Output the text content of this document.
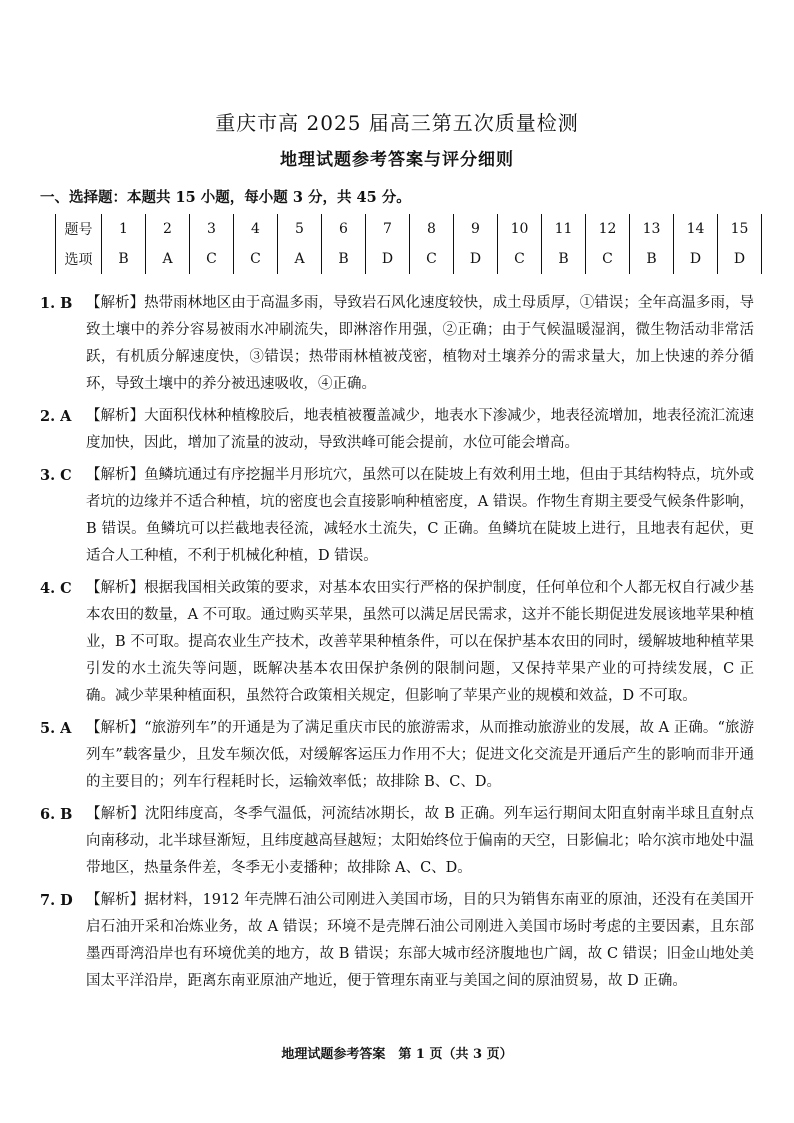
重庆市高 2025 届高三第五次质量检测
地理试题参考答案与评分细则
一、选择题：本题共 15 小题，每小题 3 分，共 45 分。
题号	1	2	3	4	5	6	7	8	9	10	11	12	13	14	15
选项	B	A	C	C	A	B	D	C	D	C	B	C	B	D	D
1. B 【解析】热带雨林地区由于高温多雨，导致岩石风化速度较快，成土母质厚，①错误；全年高温多雨，导致土壤中的养分容易被雨水冲刷流失，即淋溶作用强，②正确；由于气候温暖湿润，微生物活动非常活跃，有机质分解速度快，③错误；热带雨林植被茂密，植物对土壤养分的需求量大，加上快速的养分循环，导致土壤中的养分被迅速吸收，④正确。
2. A	【解析】大面积伐林种植橡胶后，地表植被覆盖减少，地表水下渗减少，地表径流增加，地表径流汇流速度加快，因此，增加了流量的波动，导致洪峰可能会提前，水位可能会增高。
3. C 【解析】鱼鳞坑通过有序挖掘半月形坑穴，虽然可以在陡坡上有效利用土地，但由于其结构特点，坑外或者坑的边缘并不适合种植，坑的密度也会直接影响种植密度，A 错误。作物生育期主要受气候条件影响，B 错误。鱼鳞坑可以拦截地表径流，减轻水土流失，C 正确。鱼鳞坑在陡坡上进行，且地表有起伏，更适合人工种植，不利于机械化种植，D 错误。
4. C 【解析】根据我国相关政策的要求，对基本农田实行严格的保护制度，任何单位和个人都无权自行减少基本农田的数量，A 不可取。通过购买苹果，虽然可以满足居民需求，这并不能长期促进发展该地苹果种植业，B 不可取。提高农业生产技术，改善苹果种植条件，可以在保护基本农田的同时，缓解坡地种植苹果引发的水土流失等问题，既解决基本农田保护条例的限制问题，又保持苹果产业的可持续发展，C 正确。减少苹果种植面积，虽然符合政策相关规定，但影响了苹果产业的规模和效益，D 不可取。
5. A	【解析】“旅游列车”的开通是为了满足重庆市民的旅游需求，从而推动旅游业的发展，故 A 正确。“旅游列车”载客量少，且发车频次低，对缓解客运压力作用不大；促进文化交流是开通后产生的影响而非开通的主要目的；列车行程耗时长，运输效率低；故排除 B、C、D。
6. B 【解析】沈阳纬度高，冬季气温低，河流结冰期长，故 B 正确。列车运行期间太阳直射南半球且直射点向南移动，北半球昼渐短，且纬度越高昼越短；太阳始终位于偏南的天空，日影偏北；哈尔滨市地处中温带地区，热量条件差，冬季无小麦播种；故排除 A、C、D。
7. D 【解析】据材料，1912 年壳牌石油公司刚进入美国市场，目的只为销售东南亚的原油，还没有在美国开启石油开采和冶炼业务，故 A 错误；环境不是壳牌石油公司刚进入美国市场时考虑的主要因素，且东部墨西哥湾沿岸也有环境优美的地方，故 B 错误；东部大城市经济腹地也广阔，故 C 错误；旧金山地处美国太平洋沿岸，距离东南亚原油产地近，便于管理东南亚与美国之间的原油贸易，故 D 正确。
地理试题参考答案　第 1 页（共 3 页）
